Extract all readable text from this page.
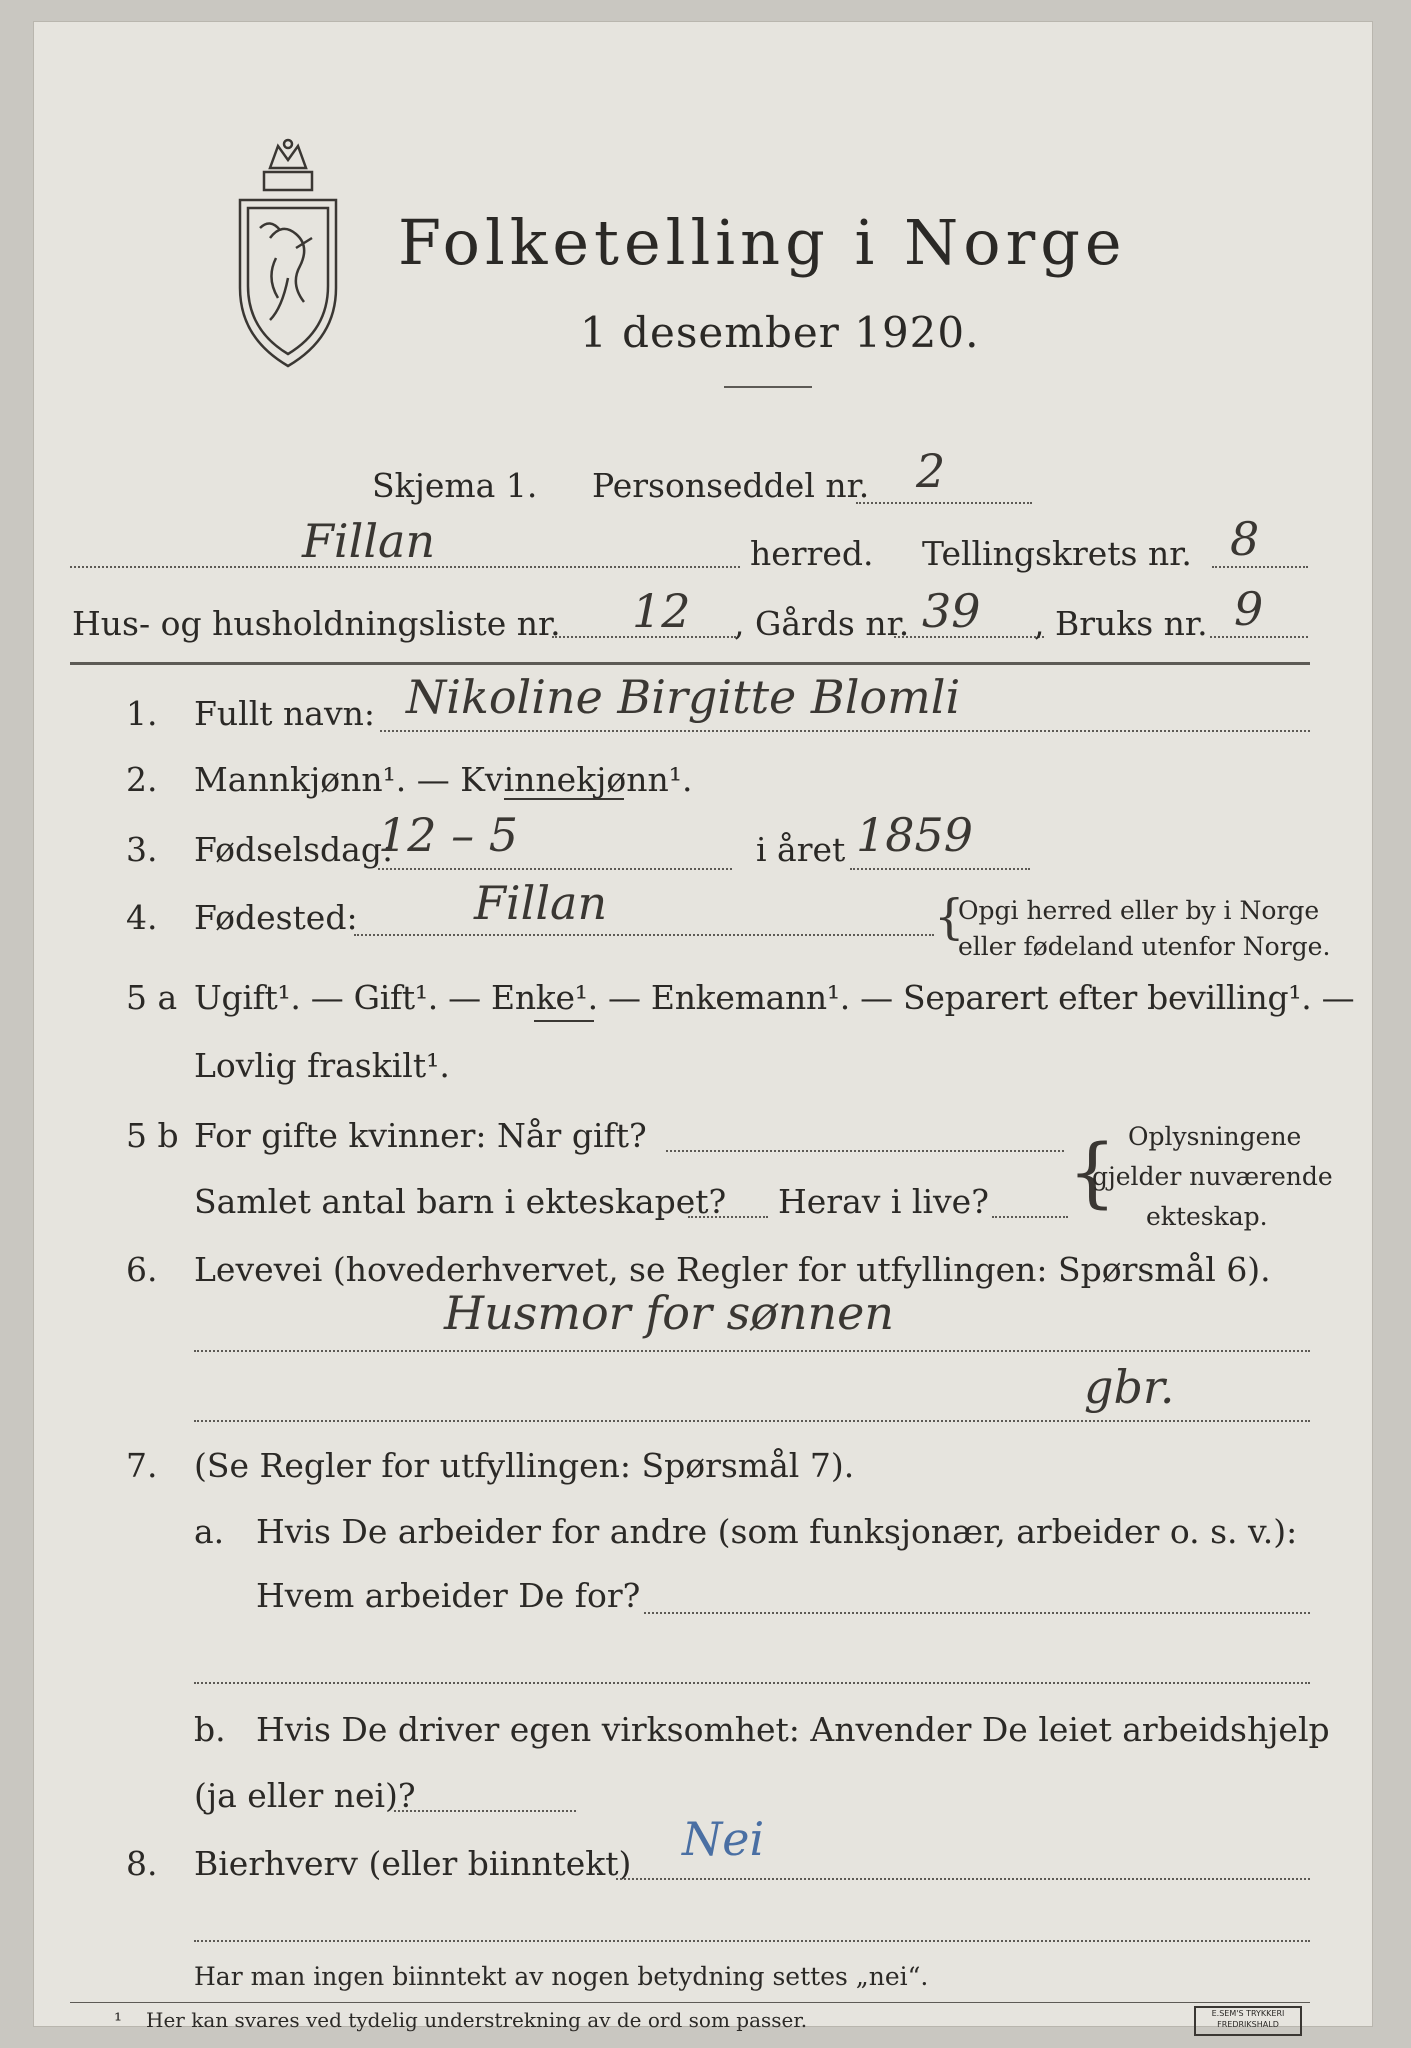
Folketelling i Norge
1 desember 1920.
Skjema 1. Personseddel nr. 2
Fillan	herred. Tellingskrets nr. 8
Hus- og husholdningsliste nr. 12 , Gårds nr. 39 , Bruks nr. 9
1. Fullt navn: Nikoline Birgitte Blomli
2. Mannkjønn¹. — Kvinnekjønn¹.
3. Fødselsdag:
12 – 5	i året 1859
4. Fødested:	Fillan	{
Opgi herred eller by i Norge
eller fødeland utenfor Norge.
5 a Ugift¹. — Gift¹. — Enke¹. — Enkemann¹. — Separert efter bevilling¹. —
Lovlig fraskilt¹.
5 b For gifte kvinner: Når gift?
Samlet antal barn i ekteskapet? Herav i live? { Oplysningene
gjelder nuværende
ekteskap.
6. Levevei (hovederhvervet, se Regler for utfyllingen: Spørsmål 6).
Husmor for sønnen
gbr.
7. (Se Regler for utfyllingen: Spørsmål 7).
a. Hvis De arbeider for andre (som funksjonær, arbeider o. s. v.):
Hvem arbeider De for?
b. Hvis De driver egen virksomhet: Anvender De leiet arbeidshjelp
(ja eller nei)?
8. Bierhverv (eller biinntekt) Nei
Har man ingen biinntekt av nogen betydning settes „nei“.
¹ Her kan svares ved tydelig understrekning av de ord som passer.	E.SEM'S TRYKKERI
FREDRIKSHALD
